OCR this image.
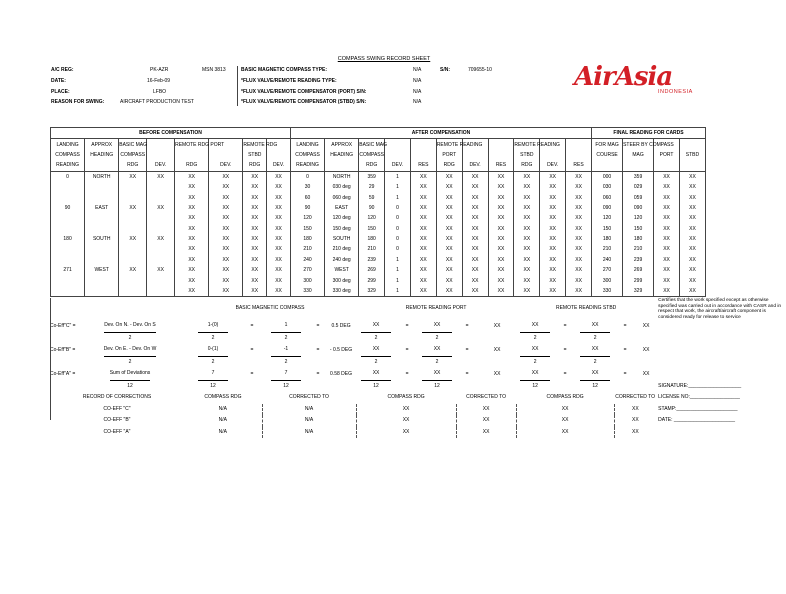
COMPASS SWING RECORD SHEET
A/C REG:	PK-AZR	MSN 3813
DATE:	16-Feb-09
PLACE:	LFBO
REASON FOR SWING:	AIRCRAFT PRODUCTION TEST
BASIC MAGNETIC COMPASS TYPE:	N/A	S/N:	709655-10
*FLUX VALVE/REMOTE READING TYPE:	N/A
*FLUX VALVE/REMOTE COMPENSATOR (PORT) S/N:	N/A
*FLUX VALVE/REMOTE COMPENSATOR (STBD) S/N:	N/A
AirAsia
INDONESIA
BEFORE COMPENSATION								AFTER COMPENSATION											FINAL READING FOR CARDS			
LANDING	APPROX	BASIC MAG		REMOTE RDG PORT		REMOTE RDG		LANDING	APPROX	BASIC MAG			REMOTE READING			REMOTE READING			FOR MAG	STEER BY COMPASS		
COMPASS	HEADING	COMPASS				STBD		COMPASS	HEADING	COMPASS			PORT			STBD			COURSE	MAG	PORT	STBD
READING		RDG	DEV.	RDG	DEV.	RDG	DEV.	READING		RDG	DEV.	RES	RDG	DEV.	RES	RDG	DEV.	RES				
0	NORTH	XX	XX	XX	XX	XX	XX	0	NORTH	359	1	XX	XX	XX	XX	XX	XX	XX	000	359	XX	XX
				XX	XX	XX	XX	30	030 deg	29	1	XX	XX	XX	XX	XX	XX	XX	030	029	XX	XX
				XX	XX	XX	XX	60	060 deg	59	1	XX	XX	XX	XX	XX	XX	XX	060	059	XX	XX
90	EAST	XX	XX	XX	XX	XX	XX	90	EAST	90	0	XX	XX	XX	XX	XX	XX	XX	090	090	XX	XX
				XX	XX	XX	XX	120	120 deg	120	0	XX	XX	XX	XX	XX	XX	XX	120	120	XX	XX
				XX	XX	XX	XX	150	150 deg	150	0	XX	XX	XX	XX	XX	XX	XX	150	150	XX	XX
180	SOUTH	XX	XX	XX	XX	XX	XX	180	SOUTH	180	0	XX	XX	XX	XX	XX	XX	XX	180	180	XX	XX
				XX	XX	XX	XX	210	210 deg	210	0	XX	XX	XX	XX	XX	XX	XX	210	210	XX	XX
				XX	XX	XX	XX	240	240 deg	239	1	XX	XX	XX	XX	XX	XX	XX	240	239	XX	XX
271	WEST	XX	XX	XX	XX	XX	XX	270	WEST	269	1	XX	XX	XX	XX	XX	XX	XX	270	269	XX	XX
				XX	XX	XX	XX	300	300 deg	299	1	XX	XX	XX	XX	XX	XX	XX	300	299	XX	XX
				XX	XX	XX	XX	330	330 deg	329	1	XX	XX	XX	XX	XX	XX	XX	330	329	XX	XX
			BASIC MAGNETIC COMPASS					REMOTE READING PORT					REMOTE READING STBD					Certifies that the work specified except as otherwise specified was carried out in accordance with CASR and in respect that work, the aircraft/aircraft component is considered ready for release to service

Co-Eff"C" =	Dev. On N. - Dev. On S		1-(0)	=	1	=	0.5 DEG	XX	=	XX	=	XX	XX	=	XX	=	XX	
	2		2		2			2		2			2		2			
Co-Eff"B" =	Dev. On E. - Dev. On W		0-(1)	=	-1	=	- 0.5 DEG	XX	=	XX	=	XX	XX	=	XX	=	XX	
	2		2		2			2		2			2		2			
Co-Eff"A" =	Sum of Deviations		7	=	7	=	0.58 DEG	XX	=	XX	=	XX	XX	=	XX	=	XX	
	12		12		12			12		12			12		12			SIGNATURE:___________________
RECORD OF CORRECTIONS			COMPASS RDG		CORRECTED TO			COMPASS RDG			CORRECTED TO		COMPASS RDG			CORRECTED TO		LICENSE NO:__________________
CO-EFF "C"			N/A		N/A			XX			XX		XX			XX		STAMP:______________________
CO-EFF "B"			N/A		N/A			XX			XX		XX			XX		DATE: ______________________
CO-EFF "A"			N/A		N/A			XX			XX		XX			XX		
